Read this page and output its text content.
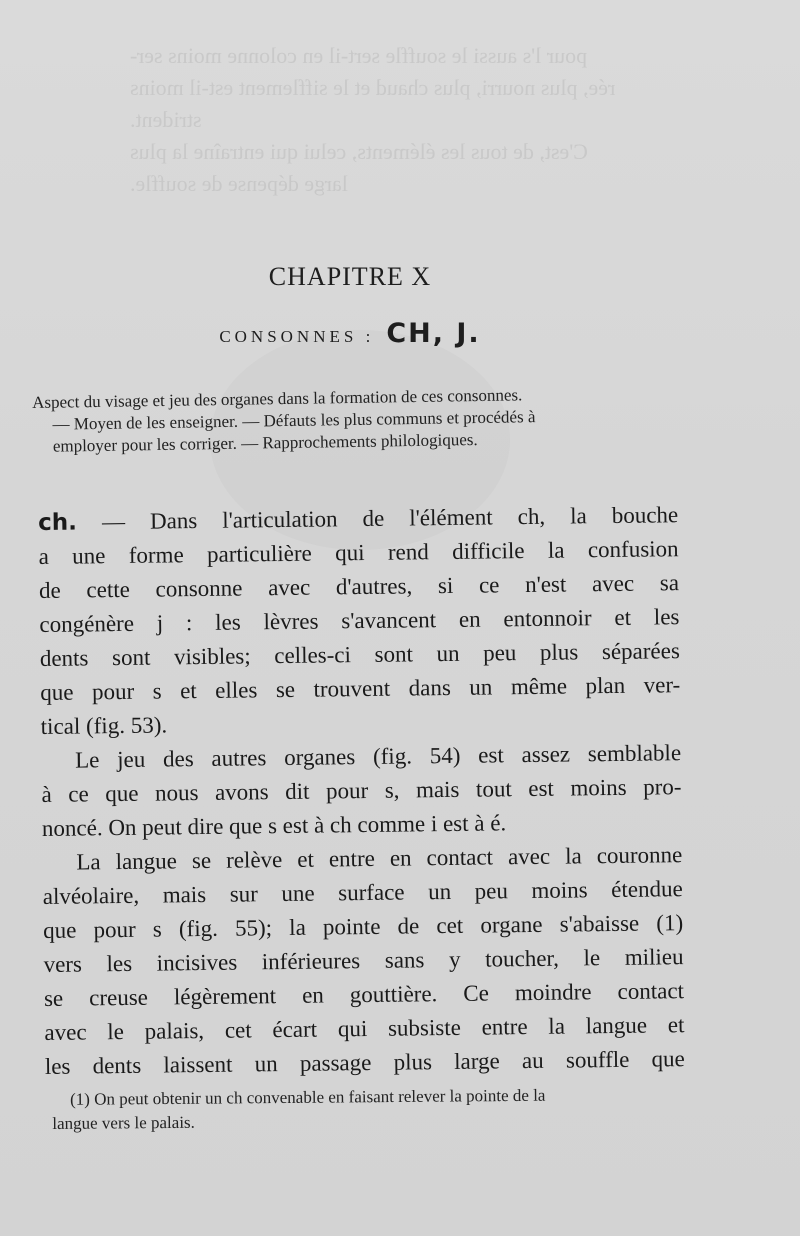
pour l's aussi le souffle sert-il en colonne moins ser-
rée, plus nourri, plus chaud et le sifflement est-il moins
strident.
C'est, de tous les éléments, celui qui entraîne la plus
large dépense de souffle.
CHAPITRE X
CONSONNES : CH, J.
Aspect du visage et jeu des organes dans la formation de ces consonnes.
— Moyen de les enseigner. — Défauts les plus communs et procédés à
employer pour les corriger. — Rapprochements philologiques.
ch. — Dans l'articulation de l'élément ch, la bouche
a une forme particulière qui rend difficile la confusion
de cette consonne avec d'autres, si ce n'est avec sa
congénère j : les lèvres s'avancent en entonnoir et les
dents sont visibles; celles-ci sont un peu plus séparées
que pour s et elles se trouvent dans un même plan ver-
tical (fig. 53).
Le jeu des autres organes (fig. 54) est assez semblable
à ce que nous avons dit pour s, mais tout est moins pro-
noncé. On peut dire que s est à ch comme i est à é.
La langue se relève et entre en contact avec la couronne
alvéolaire, mais sur une surface un peu moins étendue
que pour s (fig. 55); la pointe de cet organe s'abaisse (1)
vers les incisives inférieures sans y toucher, le milieu
se creuse légèrement en gouttière. Ce moindre contact
avec le palais, cet écart qui subsiste entre la langue et
les dents laissent un passage plus large au souffle que
(1) On peut obtenir un ch convenable en faisant relever la pointe de la
langue vers le palais.
